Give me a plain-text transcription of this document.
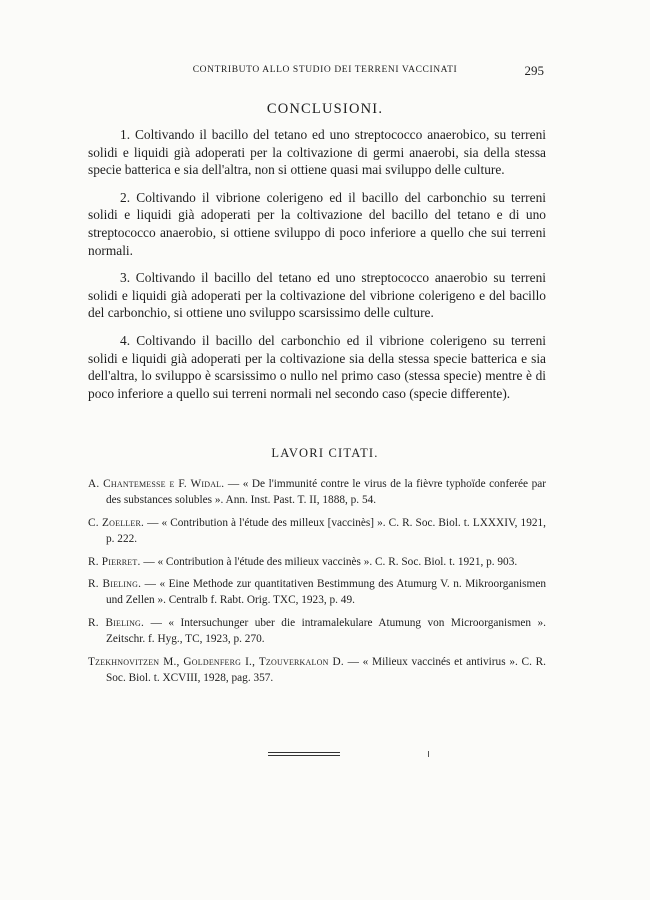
CONTRIBUTO ALLO STUDIO DEI TERRENI VACCINATI	295
CONCLUSIONI.

1. Coltivando il bacillo del tetano ed uno streptococco anaerobico, su terreni solidi e liquidi già adoperati per la coltivazione di germi anaerobi, sia della stessa specie batterica e sia dell'altra, non si ottiene quasi mai sviluppo delle culture.

2. Coltivando il vibrione colerigeno ed il bacillo del carbonchio su terreni solidi e liquidi già adoperati per la coltivazione del bacillo del tetano e di uno streptococco anaerobio, si ottiene sviluppo di poco inferiore a quello che sui terreni normali.

3. Coltivando il bacillo del tetano ed uno streptococco anaerobio su terreni solidi e liquidi già adoperati per la coltivazione del vibrione colerigeno e del bacillo del carbonchio, si ottiene uno sviluppo scarsissimo delle culture.

4. Coltivando il bacillo del carbonchio ed il vibrione colerigeno su terreni solidi e liquidi già adoperati per la coltivazione sia della stessa specie batterica e sia dell'altra, lo sviluppo è scarsissimo o nullo nel primo caso (stessa specie) mentre è di poco inferiore a quello sui terreni normali nel secondo caso (specie differente).

LAVORI CITATI.

A. Chantemesse e F. Widal. — « De l'immunité contre le virus de la fièvre typhoïde conferée par des substances solubles ». Ann. Inst. Past. T. II, 1888, p. 54.

C. Zoeller. — « Contribution à l'étude des milleux [vaccinès] ». C. R. Soc. Biol. t. LXXXIV, 1921, p. 222.

R. Pierret. — « Contribution à l'étude des milieux vaccinès ». C. R. Soc. Biol. t. 1921, p. 903.

R. Bieling. — « Eine Methode zur quantitativen Bestimmung des Atumurg V. n. Mikroorganismen und Zellen ». Centralb f. Rabt. Orig. TXC, 1923, p. 49.

R. Bieling. — « Intersuchunger uber die intramalekulare Atumung von Microorganismen ». Zeitschr. f. Hyg., TC, 1923, p. 270.

Tzekhnovitzen M., Goldenferg I., Tzouverkalon D. — « Milieux vaccinés et antivirus ». C. R. Soc. Biol. t. XCVIII, 1928, pag. 357.
